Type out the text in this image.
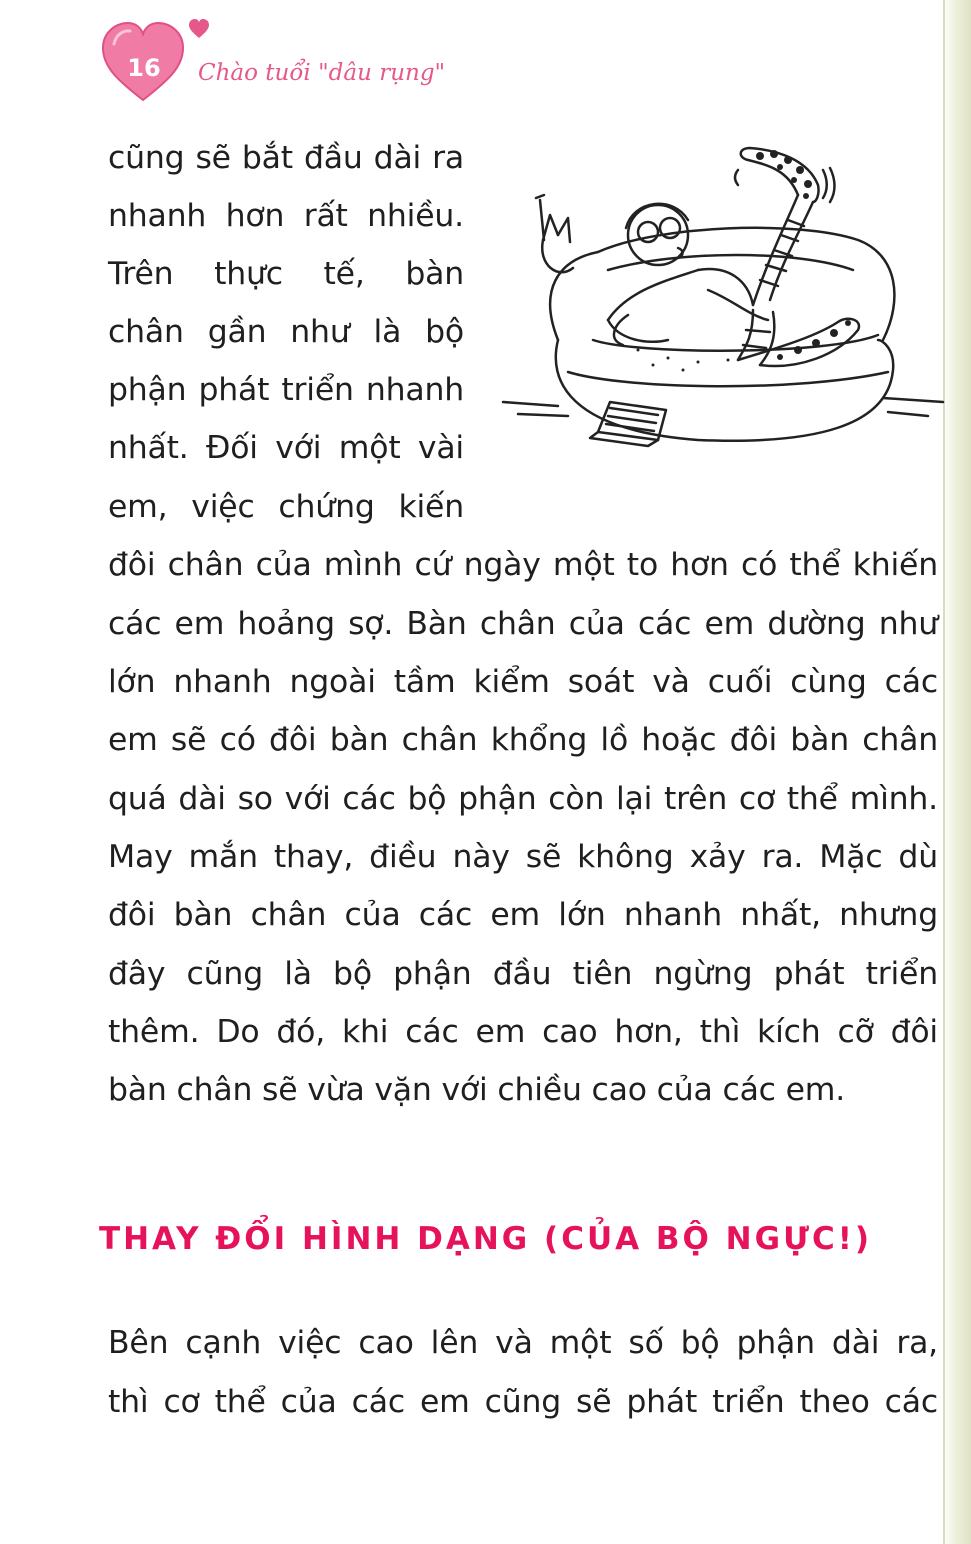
16	Chào tuổi "dâu rụng"
cũng sẽ bắt đầu dài ra
nhanh hơn rất nhiều.
Trên thực tế, bàn
chân gần như là bộ
phận phát triển nhanh
nhất. Đối với một vài
em, việc chứng kiến
đôi chân của mình cứ ngày một to hơn có thể khiến
các em hoảng sợ. Bàn chân của các em dường như
lớn nhanh ngoài tầm kiểm soát và cuối cùng các
em sẽ có đôi bàn chân khổng lồ hoặc đôi bàn chân
quá dài so với các bộ phận còn lại trên cơ thể mình.
May mắn thay, điều này sẽ không xảy ra. Mặc dù
đôi bàn chân của các em lớn nhanh nhất, nhưng
đây cũng là bộ phận đầu tiên ngừng phát triển
thêm. Do đó, khi các em cao hơn, thì kích cỡ đôi
bàn chân sẽ vừa vặn với chiều cao của các em.
THAY ĐỔI HÌNH DẠNG (CỦA BỘ NGỰC!)
Bên cạnh việc cao lên và một số bộ phận dài ra,
thì cơ thể của các em cũng sẽ phát triển theo các
